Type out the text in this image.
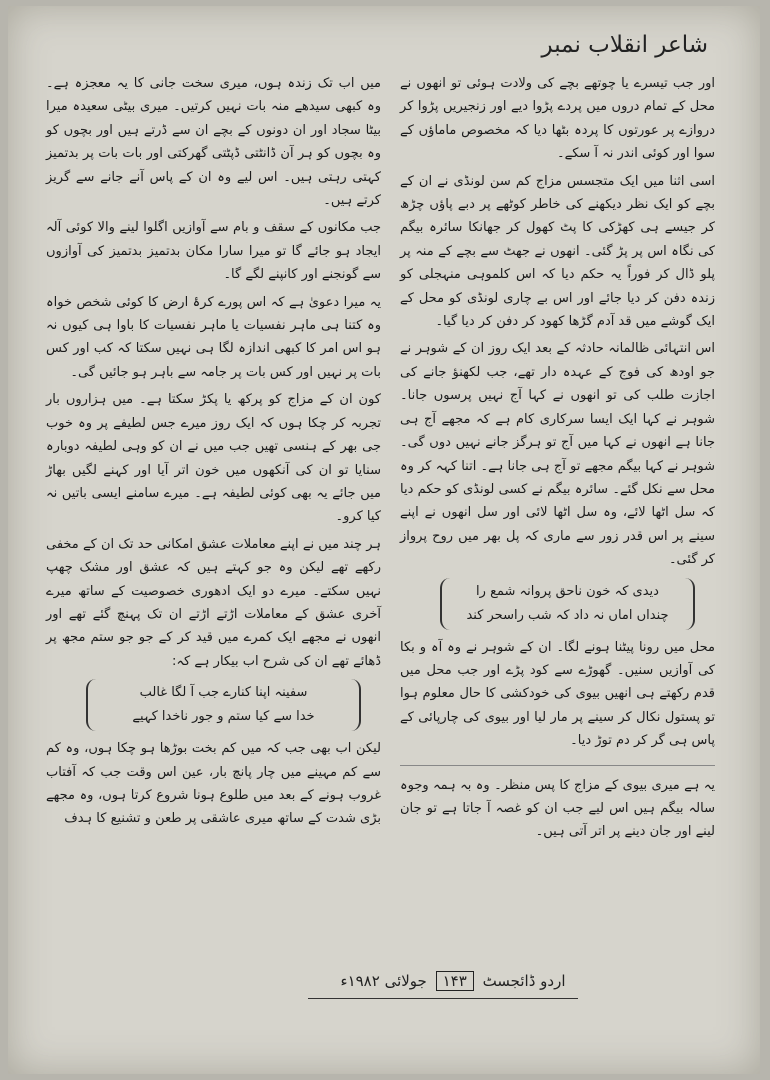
شاعر انقلاب نمبر

اور جب تیسرے یا چوتھے بچے کی ولادت ہوئی تو انھوں نے محل کے تمام دروں میں پردے پڑوا دیے اور زنجیریں پڑوا کر دروازے پر عورتوں کا پردہ بٹھا دیا کہ مخصوص ماماؤں کے سوا اور کوئی اندر نہ آ سکے۔

اسی اثنا میں ایک متجسس مزاج کم سن لونڈی نے ان کے بچے کو ایک نظر دیکھنے کی خاطر کوٹھے پر دبے پاؤں چڑھ کر جیسے ہی کھڑکی کا پٹ کھول کر جھانکا سائرہ بیگم کی نگاہ اس پر پڑ گئی۔ انھوں نے جھٹ سے بچے کے منہ پر پلو ڈال کر فوراً یہ حکم دیا کہ اس کلموہی منہجلی کو زندہ دفن کر دیا جائے اور اس بے چاری لونڈی کو محل کے ایک گوشے میں قد آدم گڑھا کھود کر دفن کر دیا گیا۔

اس انتہائی ظالمانہ حادثہ کے بعد ایک روز ان کے شوہر نے جو اودھ کی فوج کے عہدہ دار تھے، جب لکھنؤ جانے کی اجازت طلب کی تو انھوں نے کہا آج نہیں پرسوں جانا۔ شوہر نے کہا ایک ایسا سرکاری کام ہے کہ مجھے آج ہی جانا ہے انھوں نے کہا میں آج تو ہرگز جانے نہیں دوں گی۔ شوہر نے کہا بیگم مجھے تو آج ہی جانا ہے۔ اتنا کہہ کر وہ محل سے نکل گئے۔ سائرہ بیگم نے کسی لونڈی کو حکم دیا کہ سل اٹھا لائے، وہ سل اٹھا لائی اور سل انھوں نے اپنے سینے پر اس قدر زور سے ماری کہ پل بھر میں روح پرواز کر گئی۔

دیدی کہ خون ناحق پروانہ شمع را
چنداں اماں نہ داد کہ شب راسحر کند

محل میں رونا پیٹنا ہونے لگا۔ ان کے شوہر نے وہ آہ و بکا کی آوازیں سنیں۔ گھوڑے سے کود پڑے اور جب محل میں قدم رکھتے ہی انھیں بیوی کی خودکشی کا حال معلوم ہوا تو پستول نکال کر سینے پر مار لیا اور بیوی کی چارپائی کے پاس ہی گر کر دم توڑ دیا۔

یہ ہے میری بیوی کے مزاج کا پس منظر۔ وہ بہ ہمہ وجوہ سالہ بیگم ہیں اس لیے جب ان کو غصہ آ جاتا ہے تو جان لینے اور جان دینے پر اتر آتی ہیں۔

میں اب تک زندہ ہوں، میری سخت جانی کا یہ معجزہ ہے۔ وہ کبھی سیدھے منہ بات نہیں کرتیں۔ میری بیٹی سعیدہ میرا بیٹا سجاد اور ان دونوں کے بچے ان سے ڈرتے ہیں اور بچوں کو وہ بچوں کو ہر آن ڈانٹتی ڈپٹتی گھرکتی اور بات بات پر بدتمیز کہتی رہتی ہیں۔ اس لیے وہ ان کے پاس آنے جانے سے گریز کرتے ہیں۔

جب مکانوں کے سقف و بام سے آوازیں اگلوا لینے والا کوئی آلہ ایجاد ہو جائے گا تو میرا سارا مکان بدتمیز بدتمیز کی آوازوں سے گونجنے اور کانپنے لگے گا۔

یہ میرا دعویٰ ہے کہ اس پورے کرۂ ارض کا کوئی شخص خواہ وہ کتنا ہی ماہر نفسیات یا ماہر نفسیات کا باوا ہی کیوں نہ ہو اس امر کا کبھی اندازہ لگا ہی نہیں سکتا کہ کب اور کس بات پر نہیں اور کس بات پر جامہ سے باہر ہو جائیں گی۔

کون ان کے مزاج کو پرکھ یا پکڑ سکتا ہے۔ میں ہزاروں بار تجربہ کر چکا ہوں کہ ایک روز میرے جس لطیفے پر وہ خوب جی بھر کے ہنسی تھیں جب میں نے ان کو وہی لطیفہ دوبارہ سنایا تو ان کی آنکھوں میں خون اتر آیا اور کہنے لگیں بھاڑ میں جائے یہ بھی کوئی لطیفہ ہے۔ میرے سامنے ایسی باتیں نہ کیا کرو۔

ہر چند میں نے اپنے معاملات عشق امکانی حد تک ان کے مخفی رکھے تھے لیکن وہ جو کہتے ہیں کہ عشق اور مشک چھپ نہیں سکتے۔ میرے دو ایک ادھوری خصوصیت کے ساتھ میرے آخری عشق کے معاملات اڑتے اڑتے ان تک پہنچ گئے تھے اور انھوں نے مجھے ایک کمرے میں قید کر کے جو جو ستم مجھ پر ڈھائے تھے ان کی شرح اب بیکار ہے کہ:

سفینہ اپنا کنارے جب آ لگا غالب
خدا سے کیا ستم و جور ناخدا کہیے

لیکن اب بھی جب کہ میں کم بخت بوڑھا ہو چکا ہوں، وہ کم سے کم مہینے میں چار پانچ بار، عین اس وقت جب کہ آفتاب غروب ہونے کے بعد میں طلوع ہونا شروع کرتا ہوں، وہ مجھے بڑی شدت کے ساتھ میری عاشقی پر طعن و تشنیع کا ہدف

اردو ڈائجسٹ ۱۴۳ جولائی ۱۹۸۲ء
